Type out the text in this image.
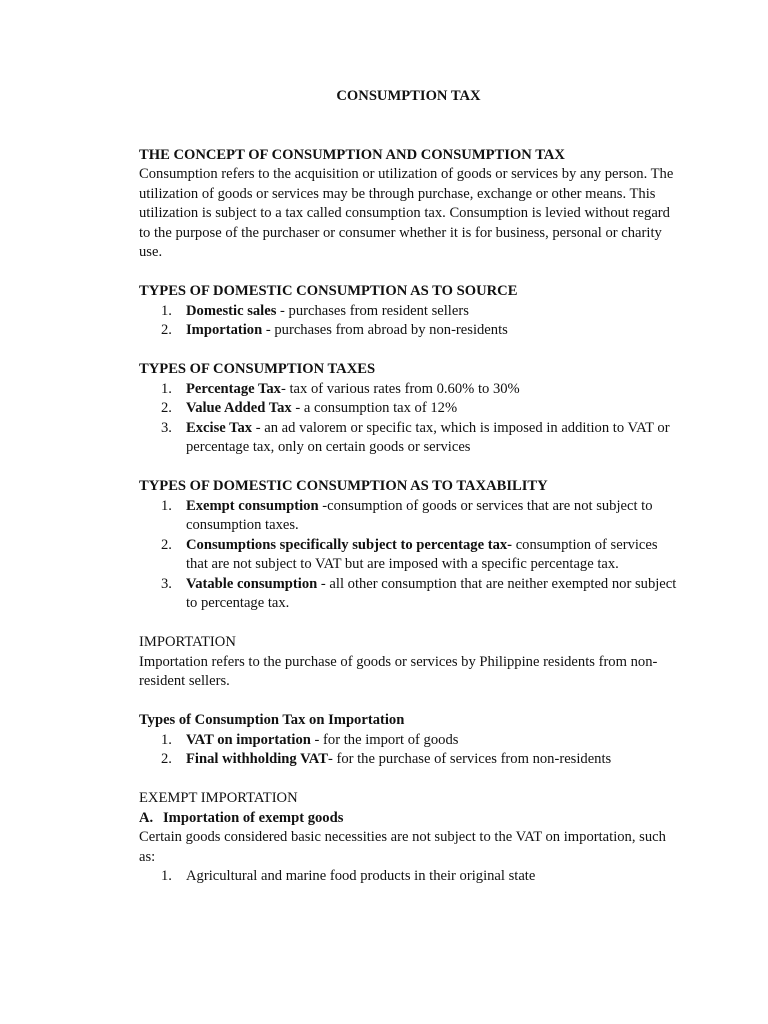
CONSUMPTION TAX
THE CONCEPT OF CONSUMPTION AND CONSUMPTION TAX

Consumption refers to the acquisition or utilization of goods or services by any person. The utilization of goods or services may be through purchase, exchange or other means. This utilization is subject to a tax called consumption tax. Consumption is levied without regard to the purpose of the purchaser or consumer whether it is for business, personal or charity use.

TYPES OF DOMESTIC CONSUMPTION AS TO SOURCE
1. Domestic sales - purchases from resident sellers
2. Importation - purchases from abroad by non-residents
TYPES OF CONSUMPTION TAXES
1. Percentage Tax- tax of various rates from 0.60% to 30%
2. Value Added Tax - a consumption tax of 12%
3. Excise Tax - an ad valorem or specific tax, which is imposed in addition to VAT or percentage tax, only on certain goods or services
TYPES OF DOMESTIC CONSUMPTION AS TO TAXABILITY
1. Exempt consumption -consumption of goods or services that are not subject to consumption taxes.
2. Consumptions specifically subject to percentage tax- consumption of services that are not subject to VAT but are imposed with a specific percentage tax.
3. Vatable consumption - all other consumption that are neither exempted nor subject to percentage tax.
IMPORTATION

Importation refers to the purchase of goods or services by Philippine residents from non-resident sellers.

Types of Consumption Tax on Importation
1. VAT on importation - for the import of goods
2. Final withholding VAT- for the purchase of services from non-residents
EXEMPT IMPORTATION
A. Importation of exempt goods

Certain goods considered basic necessities are not subject to the VAT on importation, such as:

1. Agricultural and marine food products in their original state
